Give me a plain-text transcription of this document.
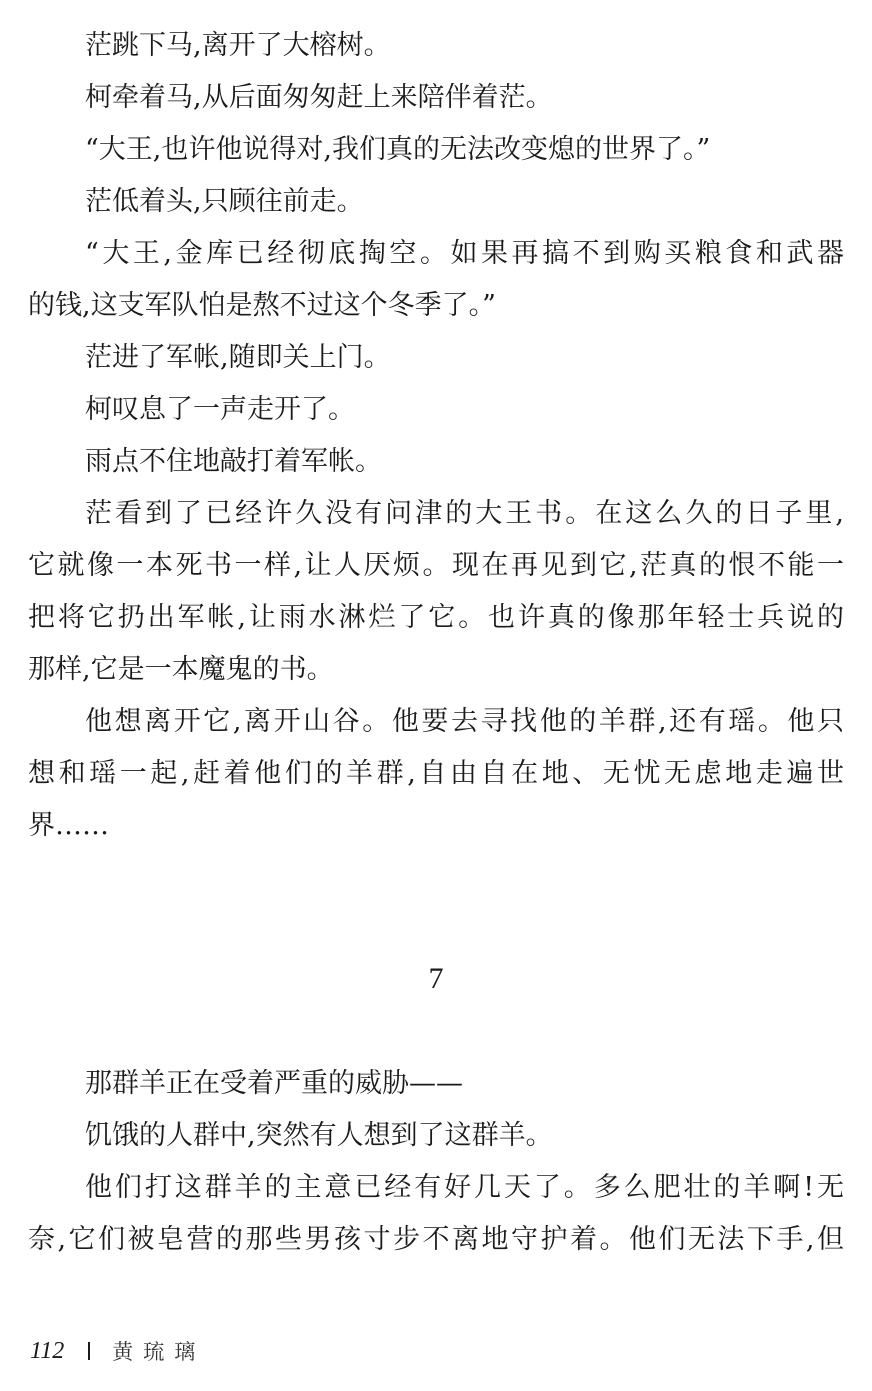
茫跳下马,离开了大榕树。
柯牵着马,从后面匆匆赶上来陪伴着茫。
“大王,也许他说得对,我们真的无法改变熄的世界了。”
茫低着头,只顾往前走。
“大王,金库已经彻底掏空。如果再搞不到购买粮食和武器
的钱,这支军队怕是熬不过这个冬季了。”
茫进了军帐,随即关上门。
柯叹息了一声走开了。
雨点不住地敲打着军帐。
茫看到了已经许久没有问津的大王书。在这么久的日子里,
它就像一本死书一样,让人厌烦。现在再见到它,茫真的恨不能一
把将它扔出军帐,让雨水淋烂了它。也许真的像那年轻士兵说的
那样,它是一本魔鬼的书。
他想离开它,离开山谷。他要去寻找他的羊群,还有瑶。他只
想和瑶一起,赶着他们的羊群,自由自在地、无忧无虑地走遍世
界……
7
那群羊正在受着严重的威胁——
饥饿的人群中,突然有人想到了这群羊。
他们打这群羊的主意已经有好几天了。多么肥壮的羊啊!无
奈,它们被皂营的那些男孩寸步不离地守护着。他们无法下手,但
112 黄琉璃
